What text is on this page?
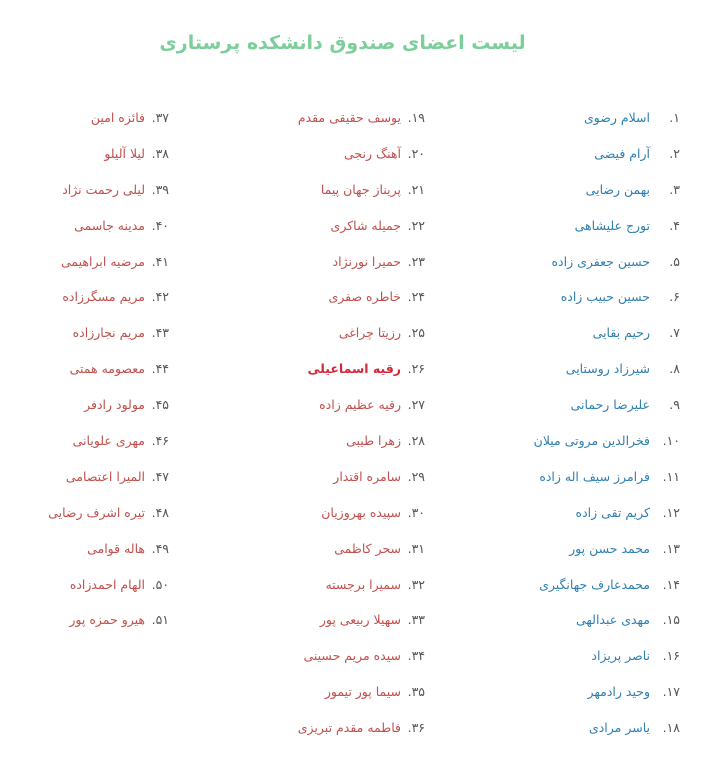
لیست اعضای صندوق دانشکده پرستاری
۱.اسلام رضوی
۲.آرام فیضی
۳.بهمن رضایی
۴.تورج علیشاهی
۵.حسین جعفری زاده
۶.حسین حبیب زاده
۷.رحیم بقایی
۸.شیرزاد روستایی
۹.علیرضا رحمانی
۱۰.فخرالدین مروتی میلان
۱۱.فرامرز سیف اله زاده
۱۲.کریم تقی زاده
۱۳.محمد حسن پور
۱۴.محمدعارف جهانگیری
۱۵.مهدی عبدالهی
۱۶.ناصر پریزاد
۱۷.وحید رادمهر
۱۸.یاسر مرادی
۱۹.یوسف حقیقی مقدم
۲۰.آهنگ رنجی
۲۱.پریناز جهان پیما
۲۲.جمیله شاکری
۲۳.حمیرا نورنژاد
۲۴.خاطره صفری
۲۵.رزیتا چراغی
۲۶.رقیه اسماعیلی
۲۷.رقیه عظیم زاده
۲۸.زهرا طیبی
۲۹.سامره اقتدار
۳۰.سپیده بهروزیان
۳۱.سحر کاظمی
۳۲.سمیرا برجسته
۳۳.سهیلا ربیعی پور
۳۴.سیده مریم حسینی
۳۵.سیما پور تیمور
۳۶.فاطمه مقدم تبریزی
۳۷.فائزه امین
۳۸.لیلا آلیلو
۳۹.لیلی رحمت نژاد
۴۰.مدینه جاسمی
۴۱.مرضیه ابراهیمی
۴۲.مریم مسگرزاده
۴۳.مریم نجارزاده
۴۴.معصومه همتی
۴۵.مولود رادفر
۴۶.مهری علویانی
۴۷.المیرا اعتصامی
۴۸.تیره اشرف رضایی
۴۹.هاله قوامی
۵۰.الهام احمدزاده
۵۱.هیرو حمزه پور
